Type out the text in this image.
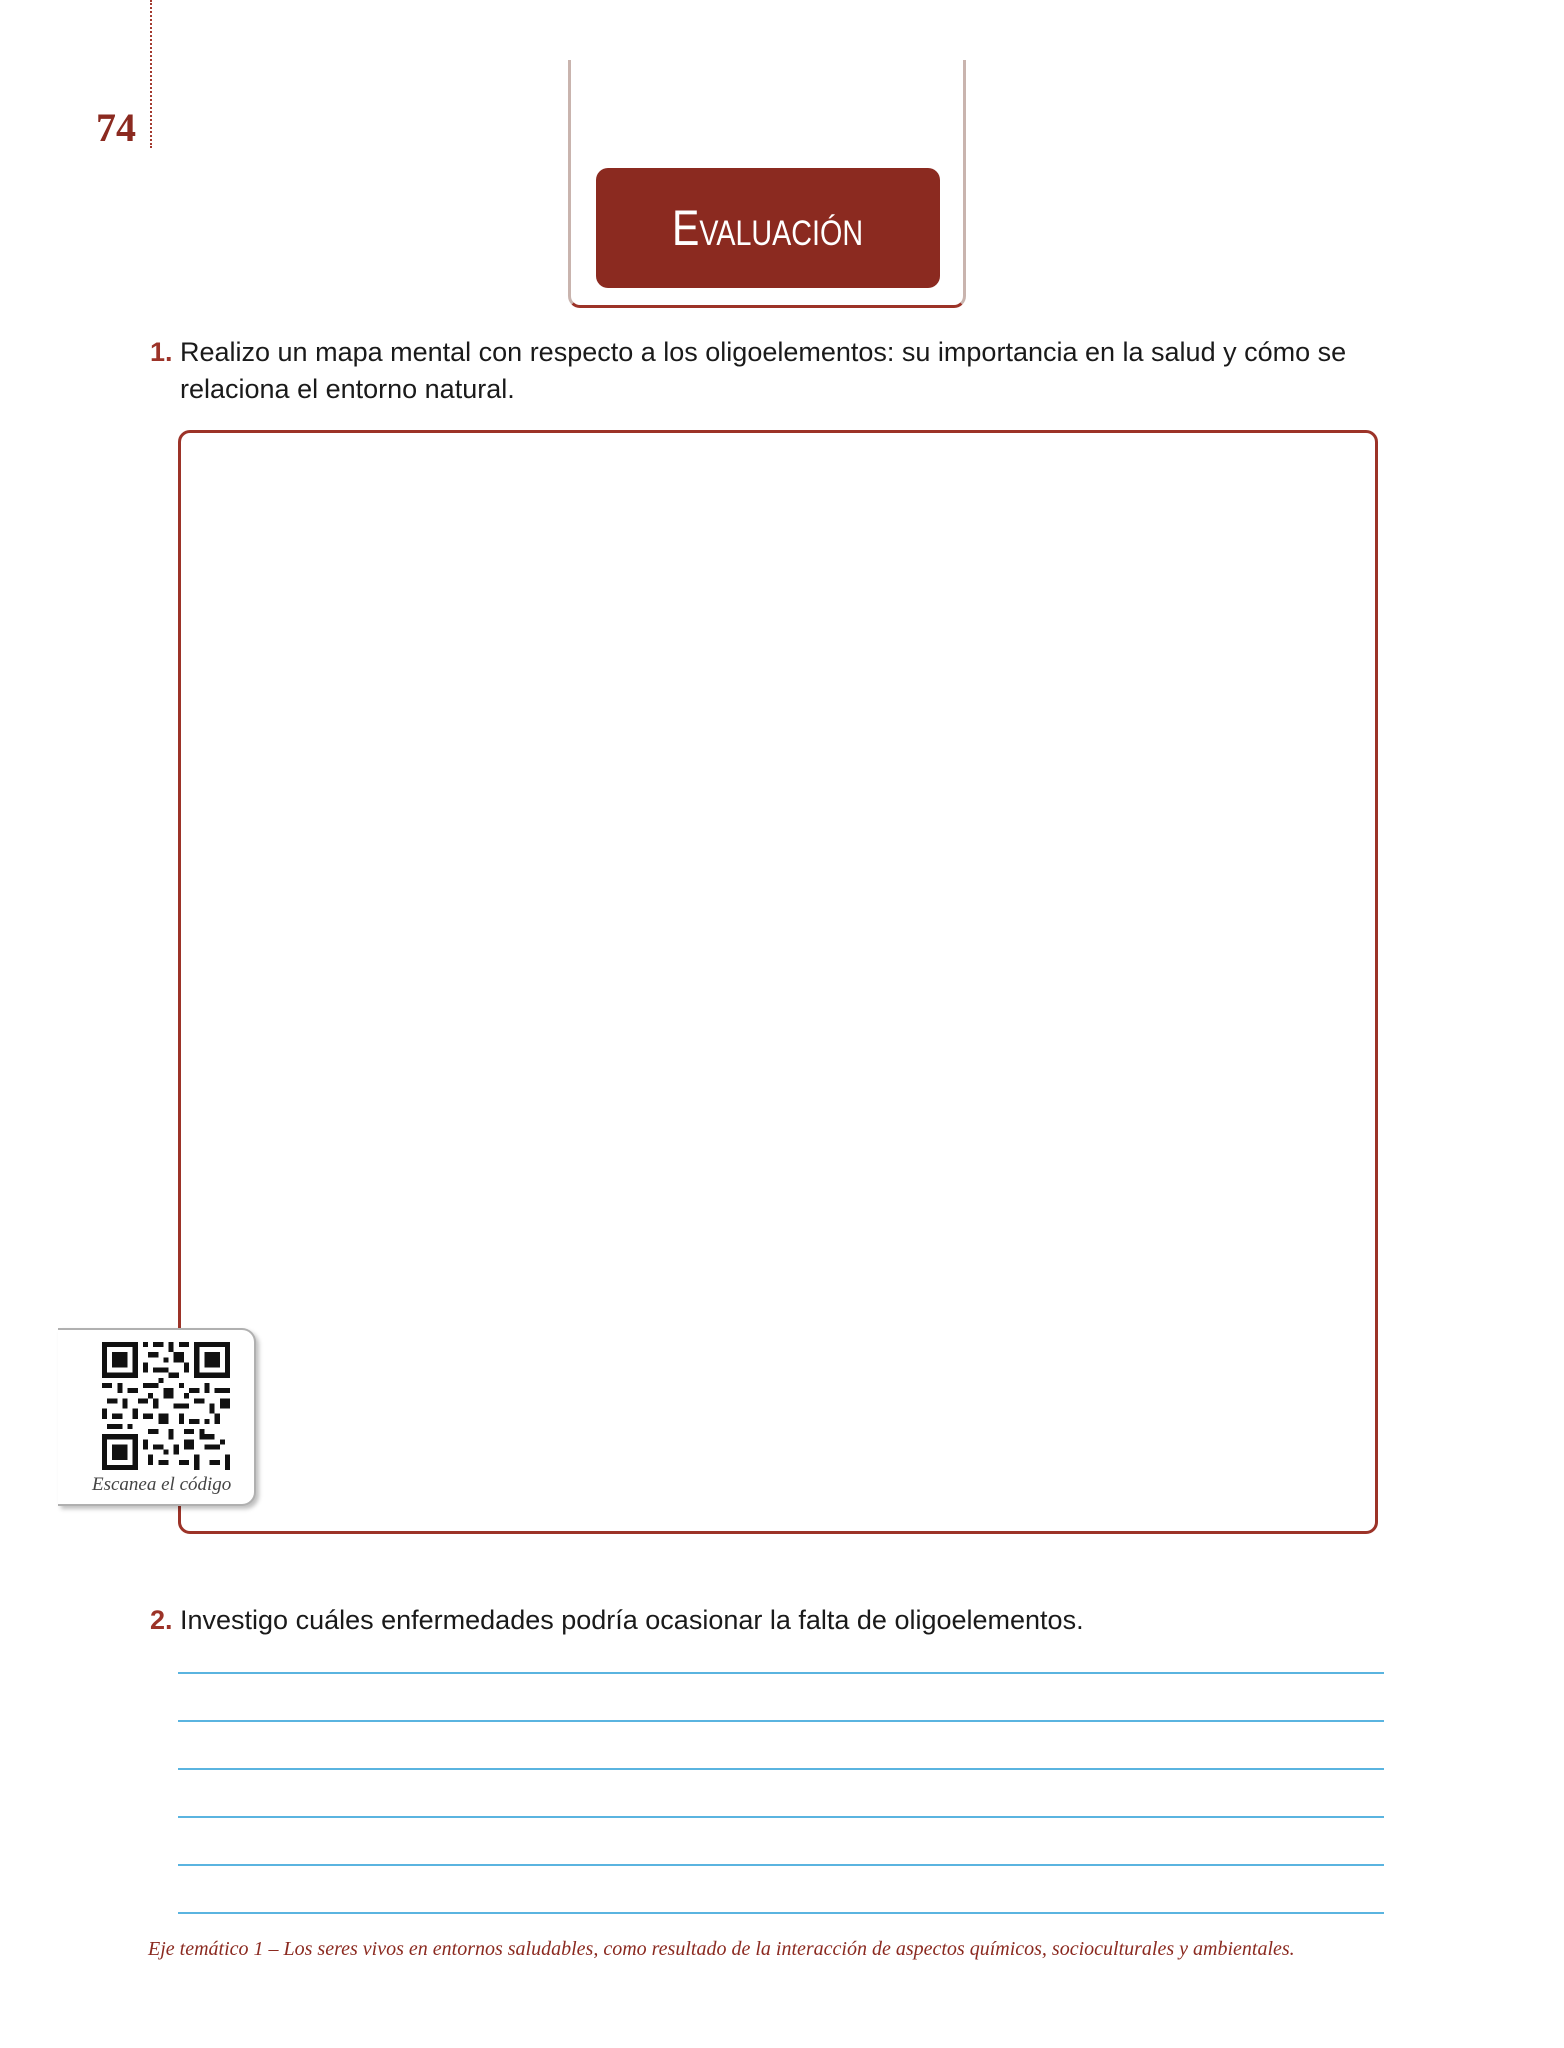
74
Evaluación
1. Realizo un mapa mental con respecto a los oligoelementos: su importancia en la salud y cómo se relaciona el entorno natural.
Escanea el código
2. Investigo cuáles enfermedades podría ocasionar la falta de oligoelementos.
Eje temático 1 – Los seres vivos en entornos saludables, como resultado de la interacción de aspectos químicos, socioculturales y ambientales.
